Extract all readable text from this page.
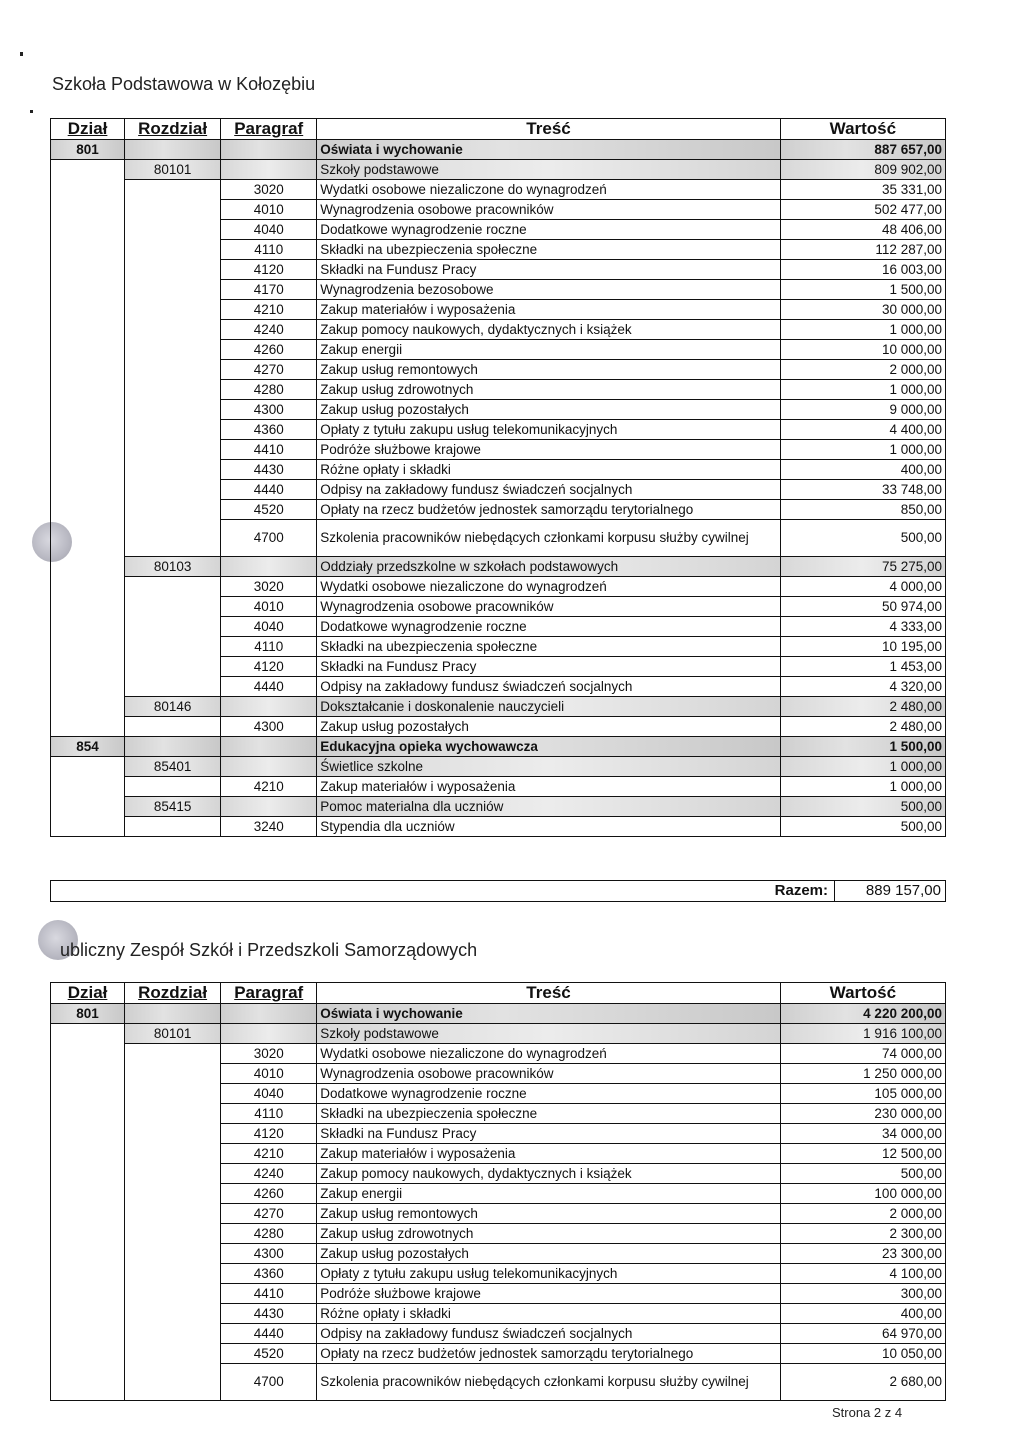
Szkoła Podstawowa w Kołozębiu
Dział	Rozdział	Paragraf	Treść	Wartość
801			Oświata i wychowanie	887 657,00
	80101		Szkoły podstawowe	809 902,00
		3020	Wydatki osobowe niezaliczone do wynagrodzeń	35 331,00
		4010	Wynagrodzenia osobowe pracowników	502 477,00
		4040	Dodatkowe wynagrodzenie roczne	48 406,00
		4110	Składki na ubezpieczenia społeczne	112 287,00
		4120	Składki na Fundusz Pracy	16 003,00
		4170	Wynagrodzenia bezosobowe	1 500,00
		4210	Zakup materiałów i wyposażenia	30 000,00
		4240	Zakup pomocy naukowych, dydaktycznych i książek	1 000,00
		4260	Zakup energii	10 000,00
		4270	Zakup usług remontowych	2 000,00
		4280	Zakup usług zdrowotnych	1 000,00
		4300	Zakup usług pozostałych	9 000,00
		4360	Opłaty z tytułu zakupu usług telekomunikacyjnych	4 400,00
		4410	Podróże służbowe krajowe	1 000,00
		4430	Różne opłaty i składki	400,00
		4440	Odpisy na zakładowy fundusz świadczeń socjalnych	33 748,00
		4520	Opłaty na rzecz budżetów jednostek samorządu terytorialnego	850,00
		4700	Szkolenia pracowników niebędących członkami korpusu służby cywilnej	500,00
	80103		Oddziały przedszkolne w szkołach podstawowych	75 275,00
		3020	Wydatki osobowe niezaliczone do wynagrodzeń	4 000,00
		4010	Wynagrodzenia osobowe pracowników	50 974,00
		4040	Dodatkowe wynagrodzenie roczne	4 333,00
		4110	Składki na ubezpieczenia społeczne	10 195,00
		4120	Składki na Fundusz Pracy	1 453,00
		4440	Odpisy na zakładowy fundusz świadczeń socjalnych	4 320,00
	80146		Dokształcanie i doskonalenie nauczycieli	2 480,00
		4300	Zakup usług pozostałych	2 480,00
854			Edukacyjna opieka wychowawcza	1 500,00
	85401		Świetlice szkolne	1 000,00
		4210	Zakup materiałów i wyposażenia	1 000,00
	85415		Pomoc materialna dla uczniów	500,00
		3240	Stypendia dla uczniów	500,00
Razem:	889 157,00
ubliczny Zespół Szkół i Przedszkoli Samorządowych
Dział	Rozdział	Paragraf	Treść	Wartość
801			Oświata i wychowanie	4 220 200,00
	80101		Szkoły podstawowe	1 916 100,00
		3020	Wydatki osobowe niezaliczone do wynagrodzeń	74 000,00
		4010	Wynagrodzenia osobowe pracowników	1 250 000,00
		4040	Dodatkowe wynagrodzenie roczne	105 000,00
		4110	Składki na ubezpieczenia społeczne	230 000,00
		4120	Składki na Fundusz Pracy	34 000,00
		4210	Zakup materiałów i wyposażenia	12 500,00
		4240	Zakup pomocy naukowych, dydaktycznych i książek	500,00
		4260	Zakup energii	100 000,00
		4270	Zakup usług remontowych	2 000,00
		4280	Zakup usług zdrowotnych	2 300,00
		4300	Zakup usług pozostałych	23 300,00
		4360	Opłaty z tytułu zakupu usług telekomunikacyjnych	4 100,00
		4410	Podróże służbowe krajowe	300,00
		4430	Różne opłaty i składki	400,00
		4440	Odpisy na zakładowy fundusz świadczeń socjalnych	64 970,00
		4520	Opłaty na rzecz budżetów jednostek samorządu terytorialnego	10 050,00
		4700	Szkolenia pracowników niebędących członkami korpusu służby cywilnej	2 680,00
Strona 2 z 4
